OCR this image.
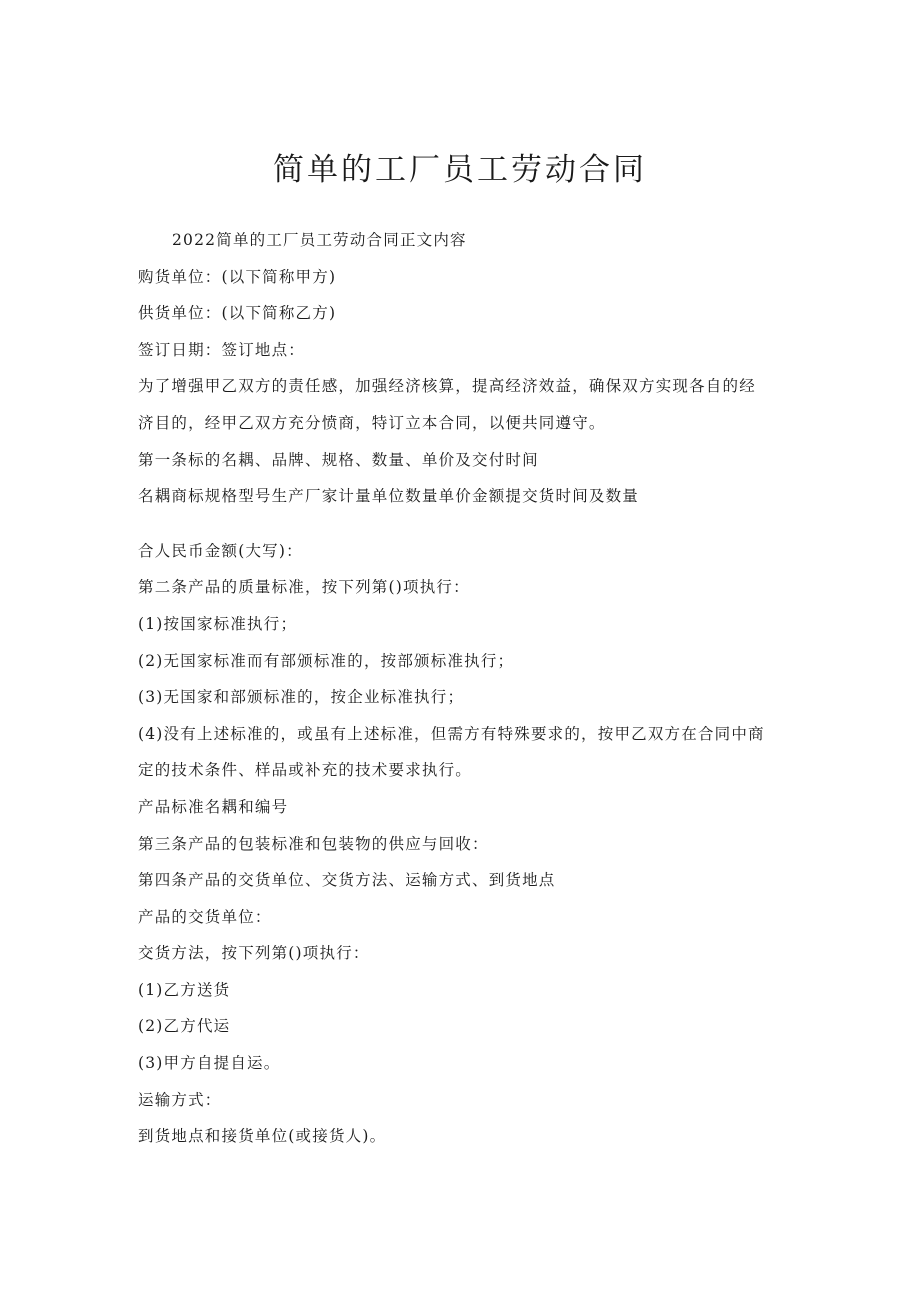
简单的工厂员工劳动合同
2022简单的工厂员工劳动合同正文内容
购货单位：(以下简称甲方)
供货单位：(以下简称乙方)
签订日期：签订地点：
为了增强甲乙双方的责任感，加强经济核算，提高经济效益，确保双方实现各自的经
济目的，经甲乙双方充分愤商，特订立本合同，以便共同遵守。
第一条标的名耦、品牌、规格、数量、单价及交付时间
名耦商标规格型号生产厂家计量单位数量单价金额提交货时间及数量
合人民币金额(大写)：
第二条产品的质量标准，按下列第()项执行：
(1)按国家标准执行；
(2)无国家标准而有部颁标准的，按部颁标准执行；
(3)无国家和部颁标准的，按企业标准执行；
(4)没有上述标准的，或虽有上述标准，但需方有特殊要求的，按甲乙双方在合同中商
定的技术条件、样品或补充的技术要求执行。
产品标准名耦和编号
第三条产品的包装标准和包装物的供应与回收：
第四条产品的交货单位、交货方法、运输方式、到货地点
产品的交货单位：
交货方法，按下列第()项执行：
(1)乙方送货
(2)乙方代运
(3)甲方自提自运。
运输方式：
到货地点和接货单位(或接货人)。
